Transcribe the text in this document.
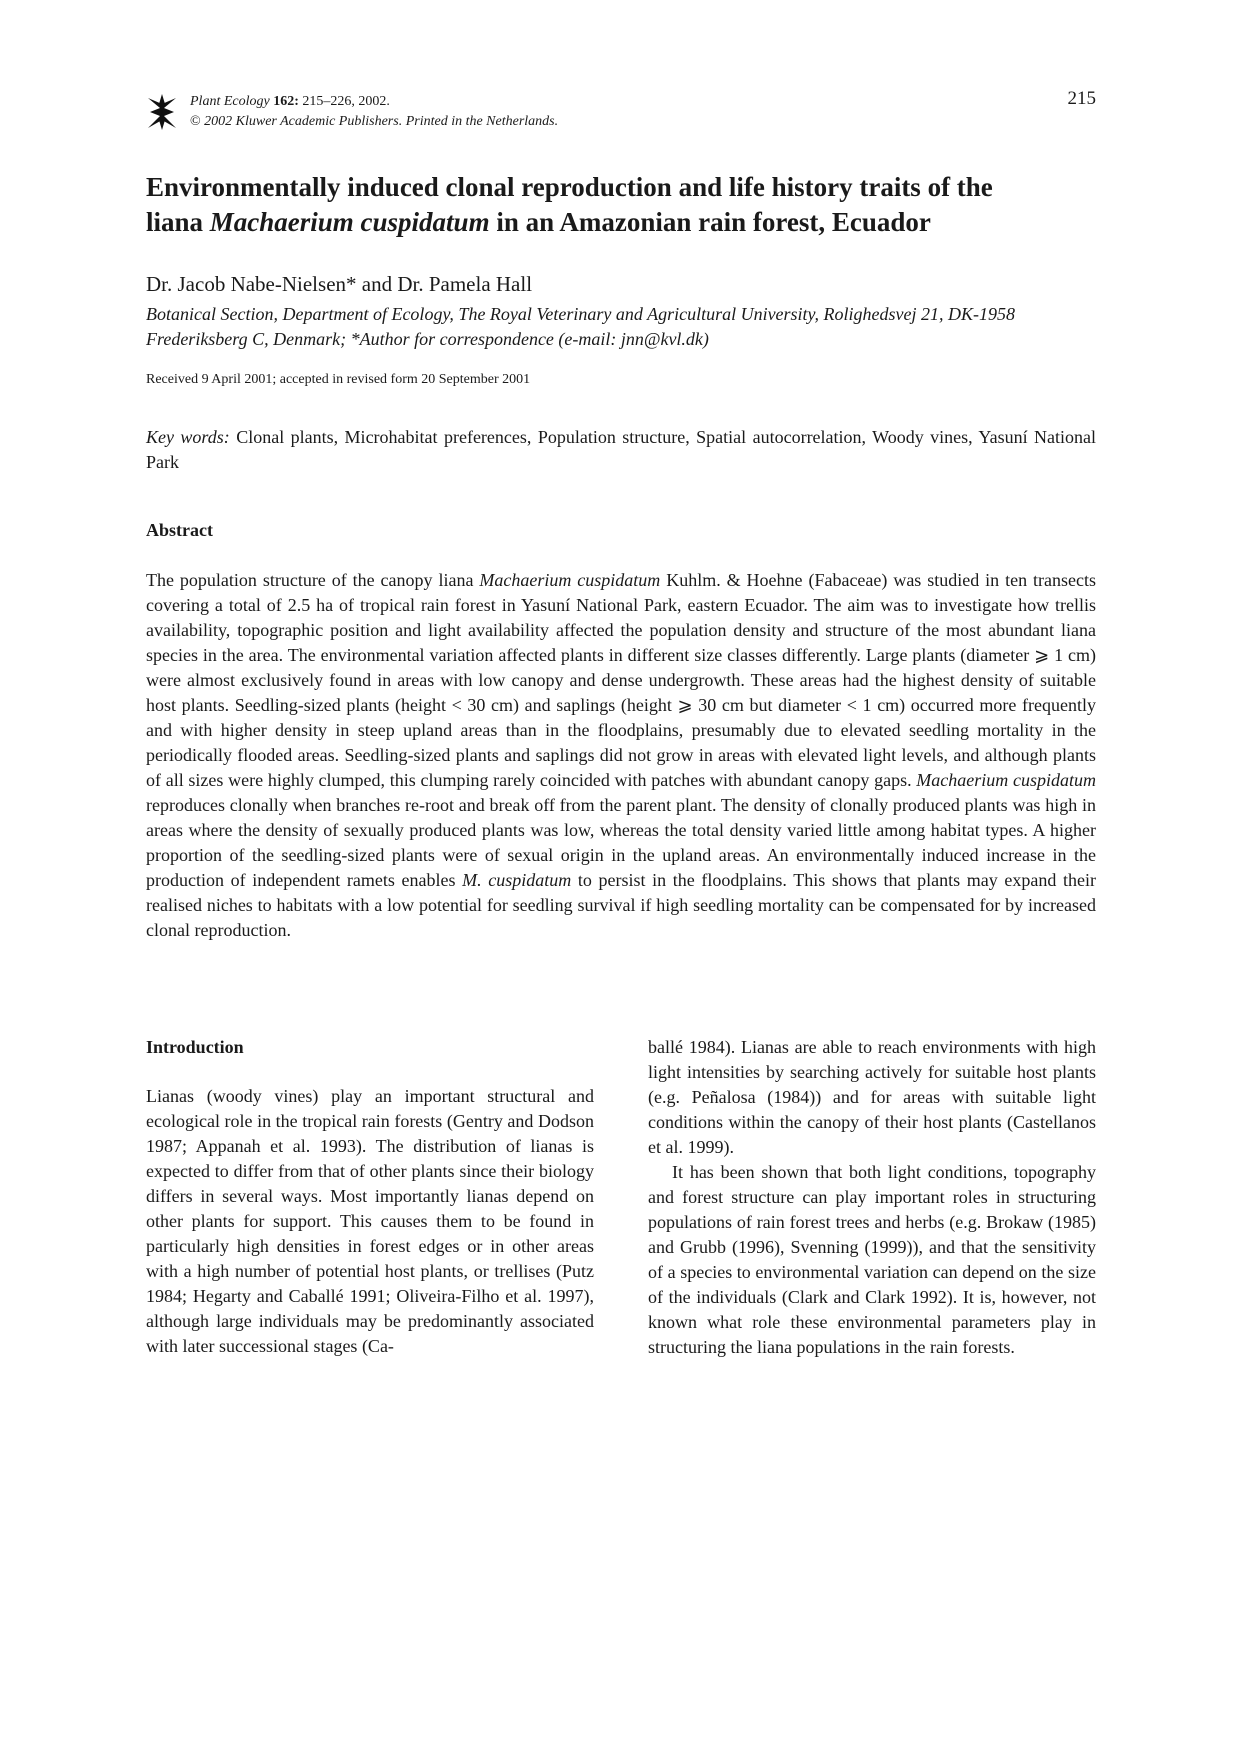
Plant Ecology 162: 215–226, 2002.
© 2002 Kluwer Academic Publishers. Printed in the Netherlands.
215
Environmentally induced clonal reproduction and life history traits of the
liana Machaerium cuspidatum in an Amazonian rain forest, Ecuador
Dr. Jacob Nabe-Nielsen* and Dr. Pamela Hall
Botanical Section, Department of Ecology, The Royal Veterinary and Agricultural University, Rolighedsvej 21, DK-1958 Frederiksberg C, Denmark; *Author for correspondence (e-mail: jnn@kvl.dk)
Received 9 April 2001; accepted in revised form 20 September 2001
Key words: Clonal plants, Microhabitat preferences, Population structure, Spatial autocorrelation, Woody vines, Yasuní National Park
Abstract

The population structure of the canopy liana Machaerium cuspidatum Kuhlm. & Hoehne (Fabaceae) was studied in ten transects covering a total of 2.5 ha of tropical rain forest in Yasuní National Park, eastern Ecuador. The aim was to investigate how trellis availability, topographic position and light availability affected the population density and structure of the most abundant liana species in the area. The environmental variation affected plants in different size classes differently. Large plants (diameter ⩾ 1 cm) were almost exclusively found in areas with low canopy and dense undergrowth. These areas had the highest density of suitable host plants. Seedling-sized plants (height < 30 cm) and saplings (height ⩾ 30 cm but diameter < 1 cm) occurred more frequently and with higher density in steep upland areas than in the floodplains, presumably due to elevated seedling mortality in the periodically flooded areas. Seedling-sized plants and saplings did not grow in areas with elevated light levels, and although plants of all sizes were highly clumped, this clumping rarely coincided with patches with abundant canopy gaps. Machaerium cuspidatum reproduces clonally when branches re-root and break off from the parent plant. The density of clonally produced plants was high in areas where the density of sexually produced plants was low, whereas the total density varied little among habitat types. A higher proportion of the seedling-sized plants were of sexual origin in the upland areas. An environmentally induced increase in the production of independent ramets enables M. cuspidatum to persist in the floodplains. This shows that plants may expand their realised niches to habitats with a low potential for seedling survival if high seedling mortality can be compensated for by increased clonal reproduction.

Introduction

Lianas (woody vines) play an important structural and ecological role in the tropical rain forests (Gentry and Dodson 1987; Appanah et al. 1993). The distribution of lianas is expected to differ from that of other plants since their biology differs in several ways. Most importantly lianas depend on other plants for support. This causes them to be found in particularly high densities in forest edges or in other areas with a high number of potential host plants, or trellises (Putz 1984; Hegarty and Caballé 1991; Oliveira-Filho et al. 1997), although large individuals may be predominantly associated with later successional stages (Ca-

ballé 1984). Lianas are able to reach environments with high light intensities by searching actively for suitable host plants (e.g. Peñalosa (1984)) and for areas with suitable light conditions within the canopy of their host plants (Castellanos et al. 1999).

It has been shown that both light conditions, topography and forest structure can play important roles in structuring populations of rain forest trees and herbs (e.g. Brokaw (1985) and Grubb (1996), Svenning (1999)), and that the sensitivity of a species to environmental variation can depend on the size of the individuals (Clark and Clark 1992). It is, however, not known what role these environmental parameters play in structuring the liana populations in the rain forests.
